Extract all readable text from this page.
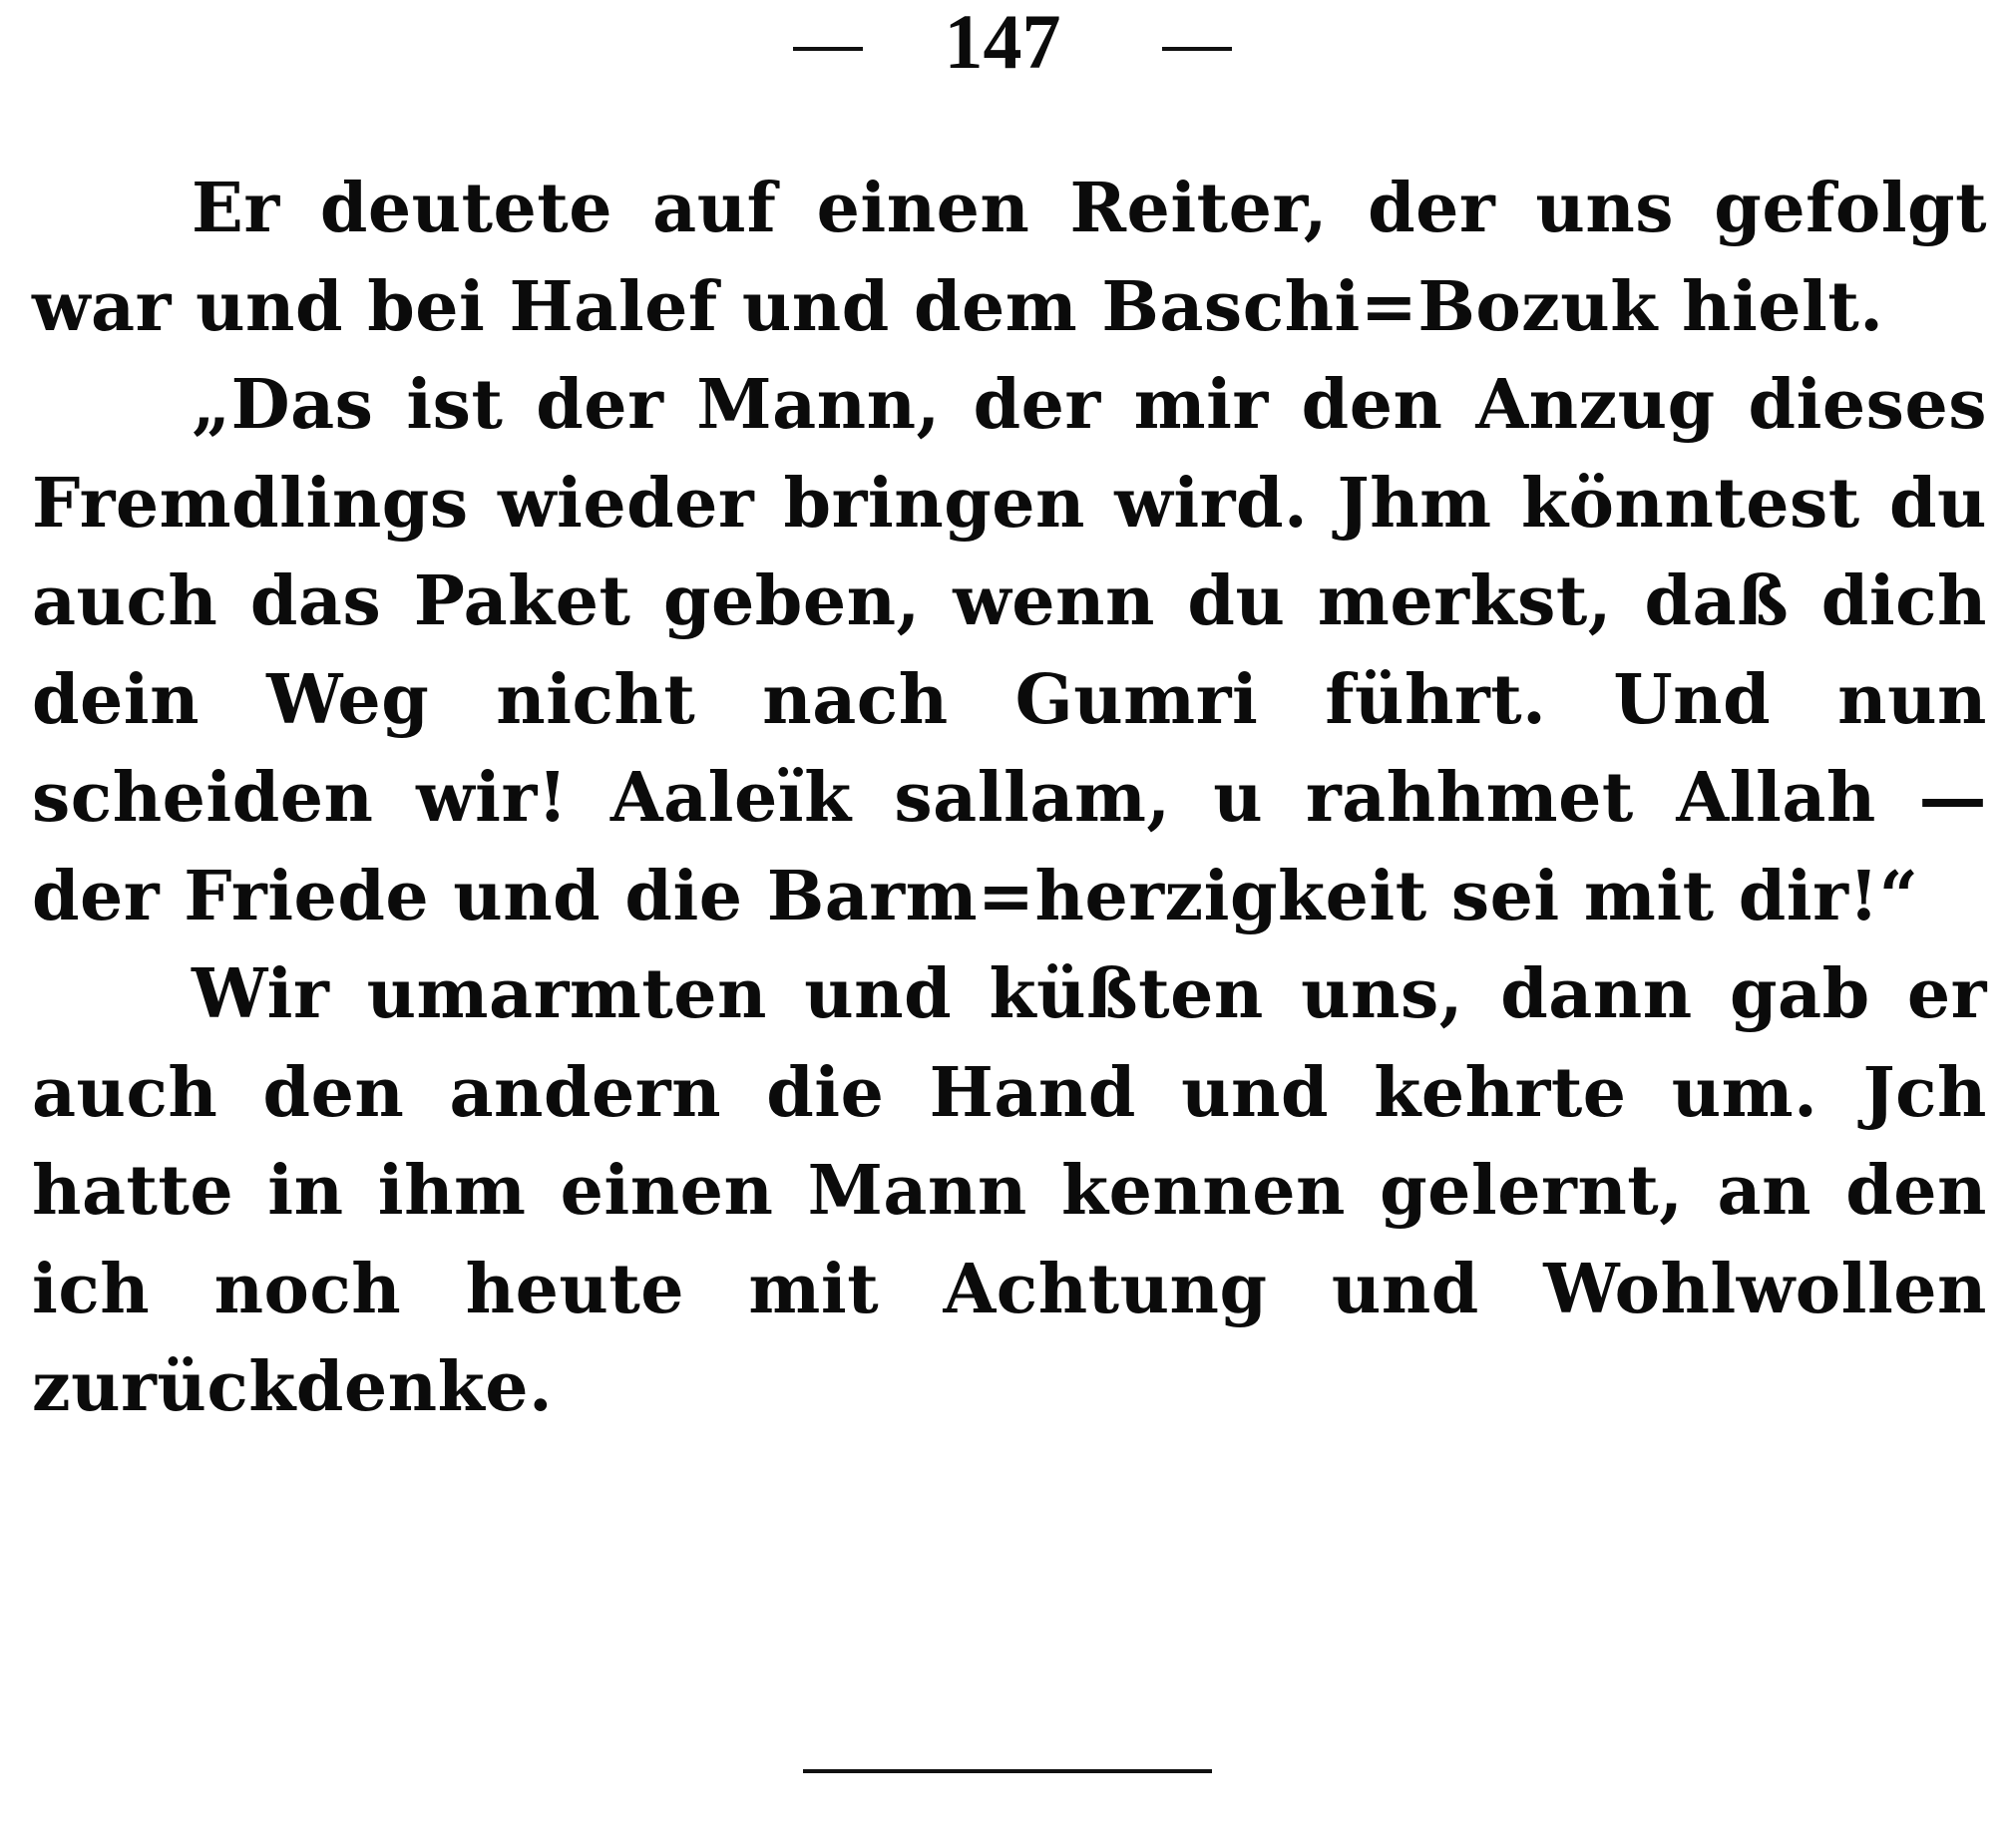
147

Er deutete auf einen Reiter, der uns gefolgt war und bei Halef und dem Baschi=Bozuk hielt.

„Das ist der Mann, der mir den Anzug dieses Fremdlings wieder bringen wird. Jhm könntest du auch das Paket geben, wenn du merkst, daß dich dein Weg nicht nach Gumri führt. Und nun scheiden wir! Aaleïk sallam, u rahhmet Allah — der Friede und die Barm=herzigkeit sei mit dir!“

Wir umarmten und küßten uns, dann gab er auch den andern die Hand und kehrte um. Jch hatte in ihm einen Mann kennen gelernt, an den ich noch heute mit Achtung und Wohlwollen zurückdenke.
